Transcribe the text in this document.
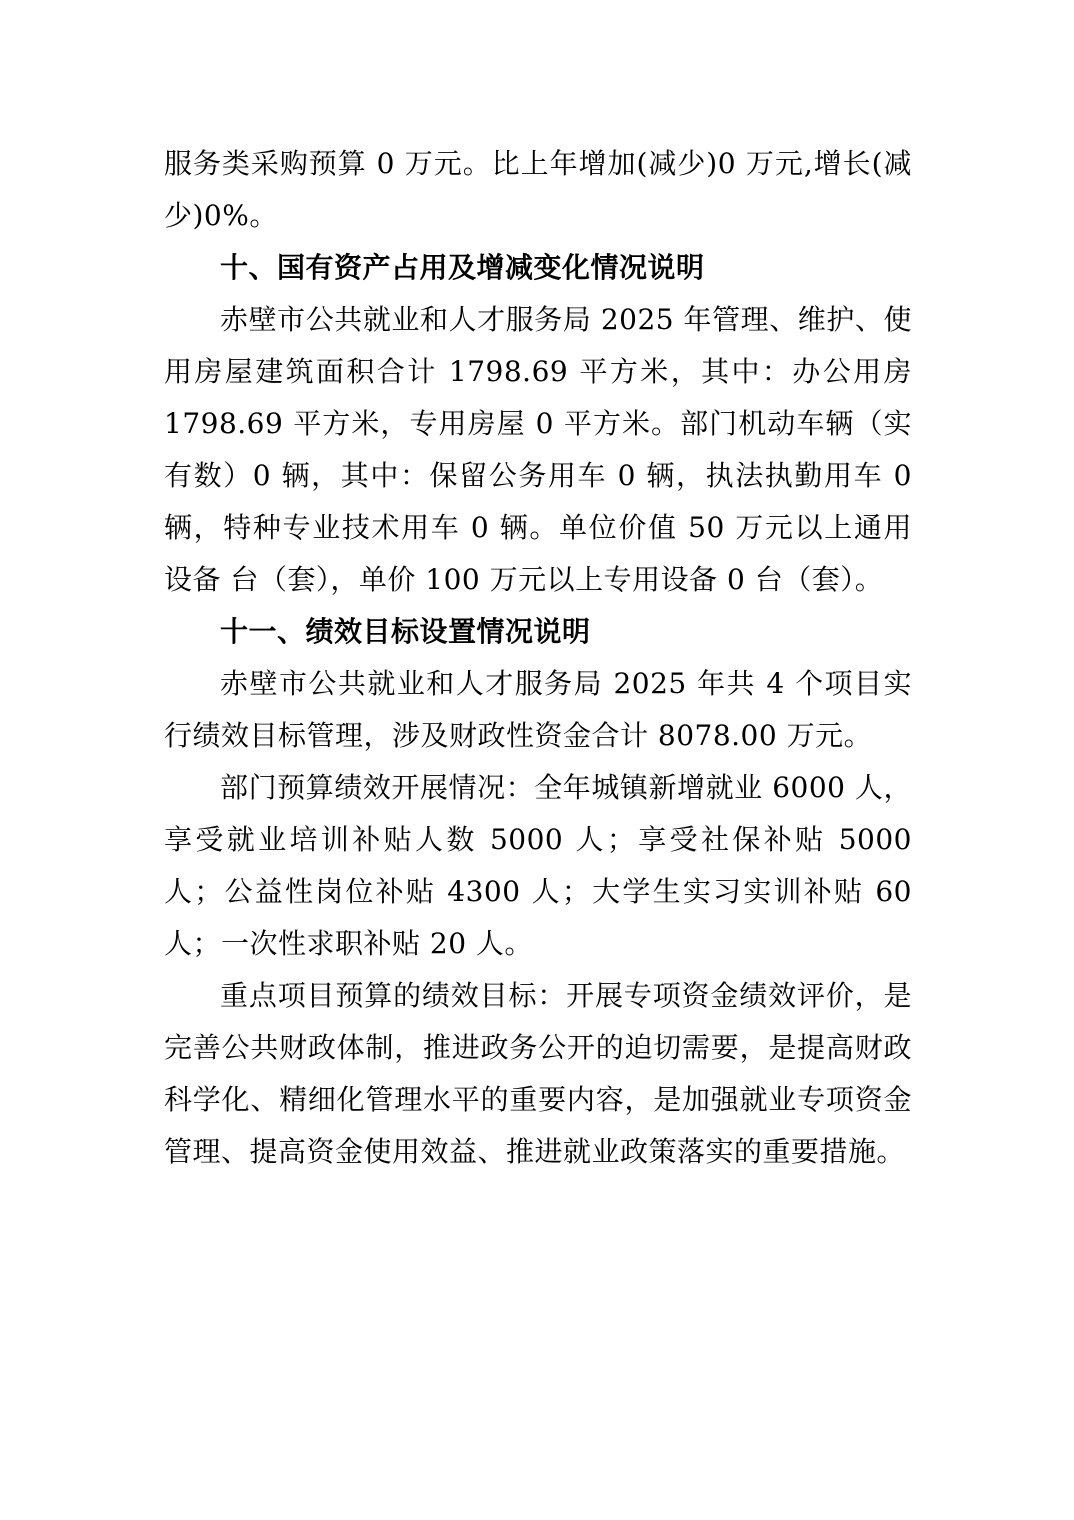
服务类采购预算 0 万元。比上年增加(减少)0 万元,增长(减少)0%。

十、国有资产占用及增减变化情况说明

赤壁市公共就业和人才服务局 2025 年管理、维护、使用房屋建筑面积合计 1798.69 平方米，其中：办公用房 1798.69 平方米，专用房屋 0 平方米。部门机动车辆（实有数）0 辆，其中：保留公务用车 0 辆，执法执勤用车 0 辆，特种专业技术用车 0 辆。单位价值 50 万元以上通用设备 台（套），单价 100 万元以上专用设备 0 台（套）。

十一、绩效目标设置情况说明

赤壁市公共就业和人才服务局 2025 年共 4 个项目实行绩效目标管理，涉及财政性资金合计 8078.00 万元。

部门预算绩效开展情况：全年城镇新增就业 6000 人，享受就业培训补贴人数 5000 人；享受社保补贴 5000 人；公益性岗位补贴 4300 人；大学生实习实训补贴 60 人；一次性求职补贴 20 人。

重点项目预算的绩效目标：开展专项资金绩效评价，是完善公共财政体制，推进政务公开的迫切需要，是提高财政科学化、精细化管理水平的重要内容，是加强就业专项资金管理、提高资金使用效益、推进就业政策落实的重要措施。
